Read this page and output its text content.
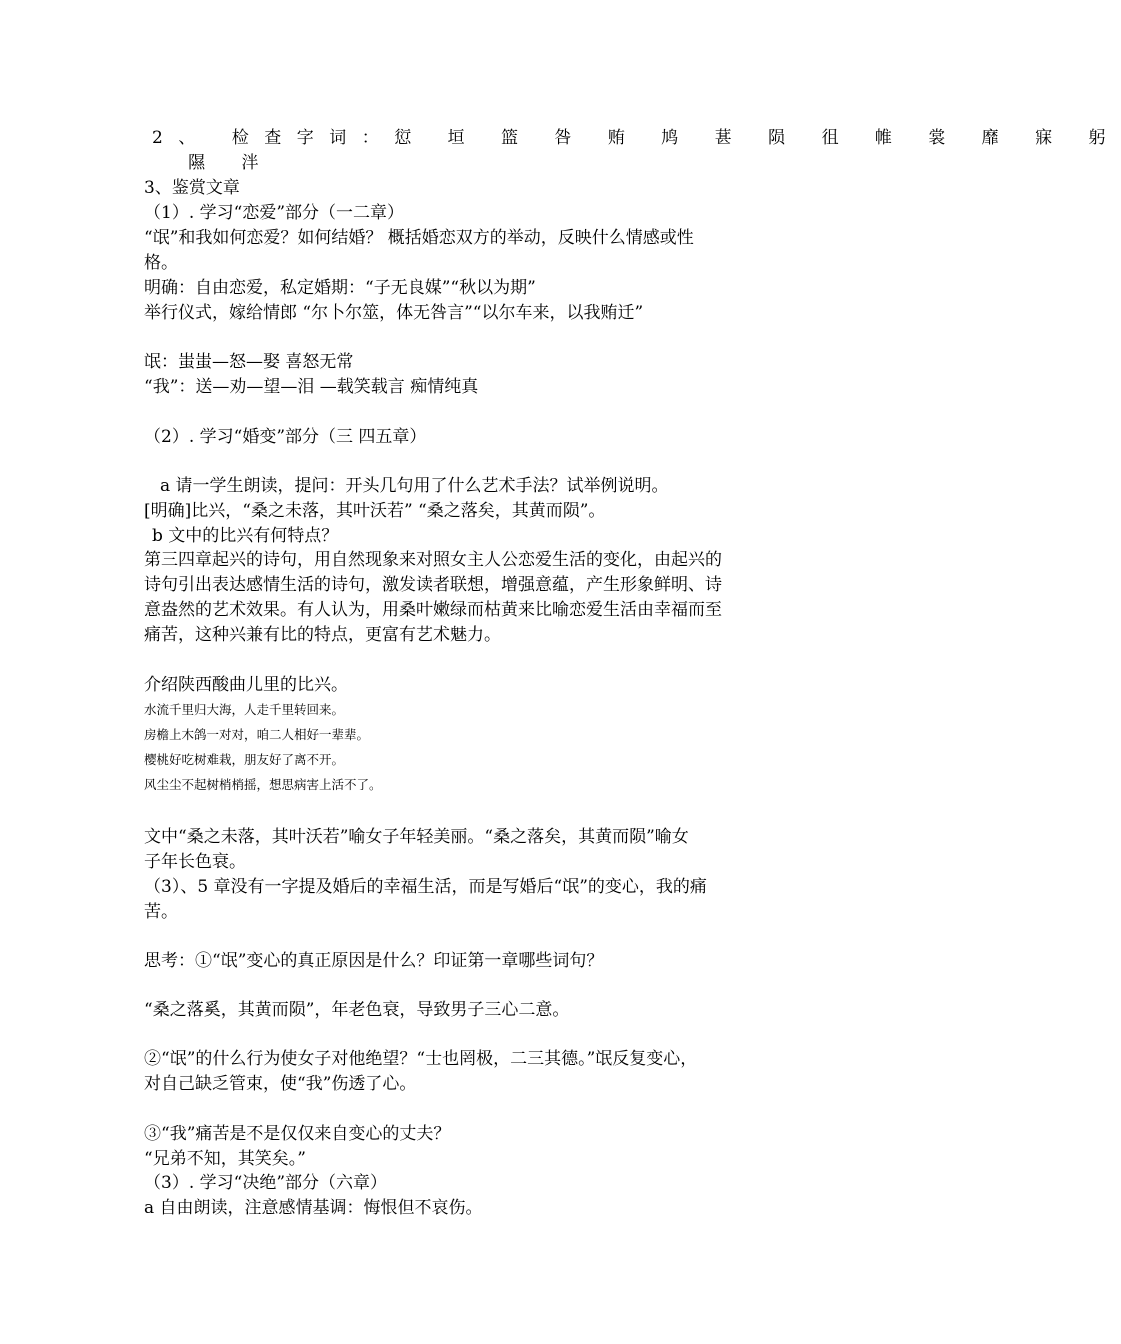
2、 检查字词：愆 垣 篮 咎 贿 鸠 葚 陨 徂 帷 裳 靡 寐 躬
隰 泮
3、鉴赏文章
（1）. 学习“恋爱”部分（一二章）
“氓”和我如何恋爱？如何结婚？ 概括婚恋双方的举动，反映什么情感或性
格。
明确：自由恋爱，私定婚期：“子无良媒”“秋以为期”
举行仪式，嫁给情郎 “尔卜尔筮，体无咎言”“以尔车来，以我贿迁”
氓：蚩蚩—怒—娶 喜怒无常
“我”：送—劝—望—泪 —载笑载言 痴情纯真
（2）. 学习“婚变”部分（三 四五章）
a 请一学生朗读，提问：开头几句用了什么艺术手法？试举例说明。
[明确]比兴，“桑之未落，其叶沃若” “桑之落矣，其黄而陨”。
b 文中的比兴有何特点？
第三四章起兴的诗句，用自然现象来对照女主人公恋爱生活的变化，由起兴的
诗句引出表达感情生活的诗句，激发读者联想，增强意蕴，产生形象鲜明、诗
意盎然的艺术效果。有人认为，用桑叶嫩绿而枯黄来比喻恋爱生活由幸福而至
痛苦，这种兴兼有比的特点，更富有艺术魅力。
介绍陕西酸曲儿里的比兴。
水流千里归大海，人走千里转回来。
房檐上木鸽一对对，咱二人相好一辈辈。
樱桃好吃树难栽，朋友好了离不开。
风尘尘不起树梢梢摇，想思病害上活不了。
文中“桑之未落，其叶沃若”喻女子年轻美丽。“桑之落矣，其黄而陨”喻女
子年长色衰。
（3）、5 章没有一字提及婚后的幸福生活，而是写婚后“氓”的变心，我的痛
苦。
思考：①“氓”变心的真正原因是什么？印证第一章哪些词句？
“桑之落奚，其黄而陨”，年老色衰，导致男子三心二意。
②“氓”的什么行为使女子对他绝望？“士也罔极，二三其德。”氓反复变心，
对自己缺乏管束，使“我”伤透了心。
③“我”痛苦是不是仅仅来自变心的丈夫？
“兄弟不知，其笑矣。”
（3）. 学习“决绝”部分（六章）
a 自由朗读，注意感情基调：悔恨但不哀伤。
